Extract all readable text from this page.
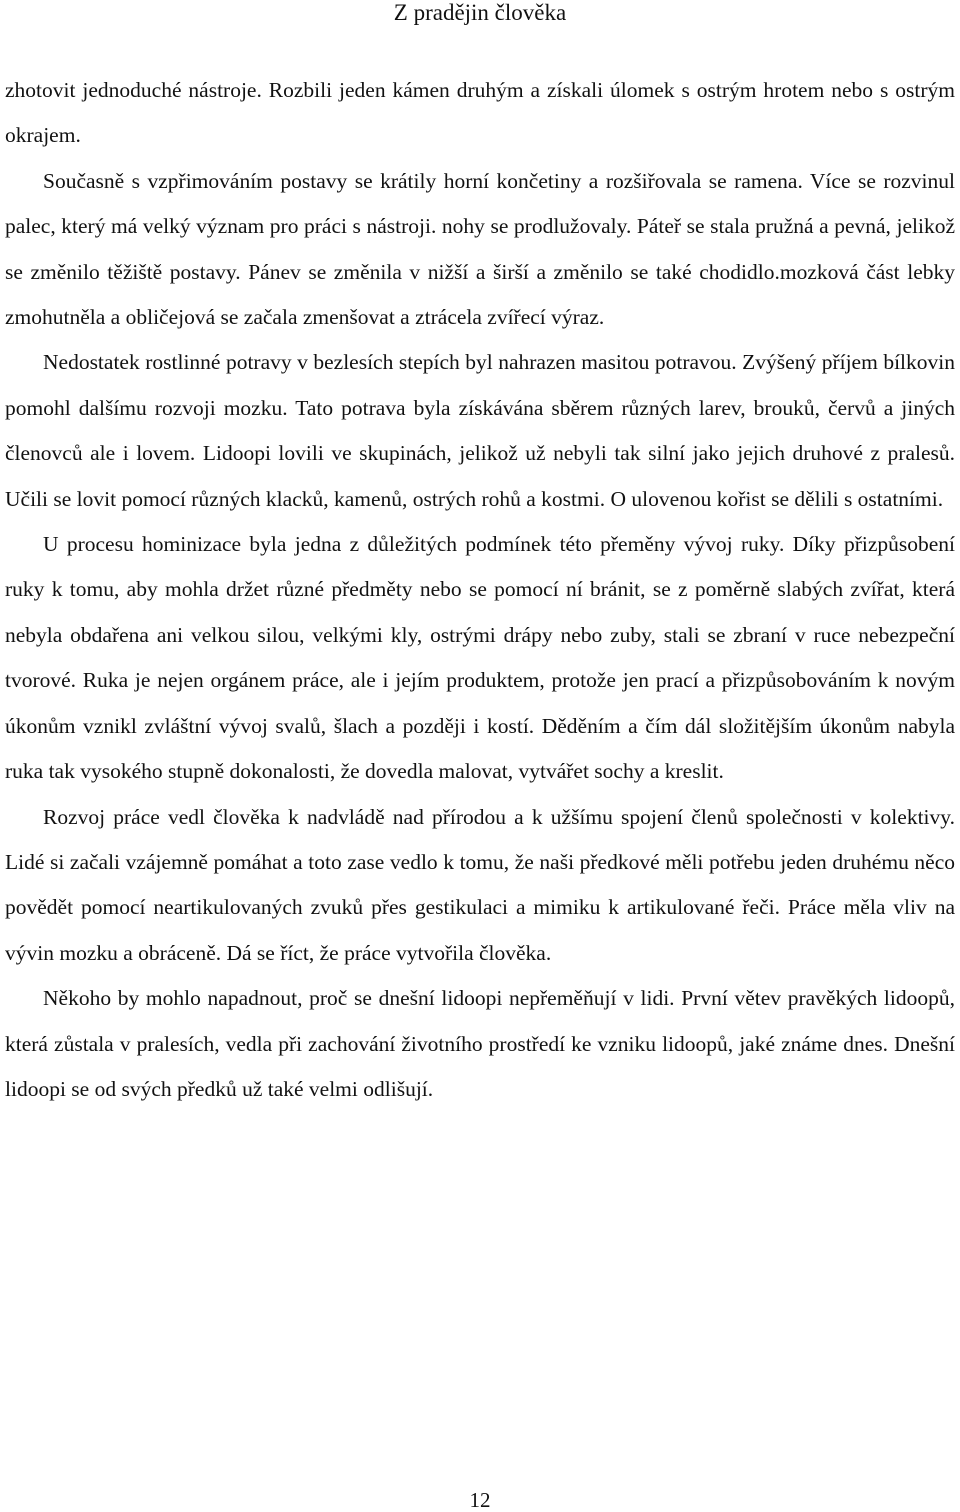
Z pradějin člověka

zhotovit jednoduché nástroje. Rozbili jeden kámen druhým a získali úlomek s ostrým hrotem nebo s ostrým okrajem.

Současně s vzpřimováním postavy se krátily horní končetiny a rozšiřovala se ramena. Více se rozvinul palec, který má velký význam pro práci s nástroji. nohy se prodlužovaly. Páteř se stala pružná a pevná, jelikož se změnilo těžiště postavy. Pánev se změnila v nižší a širší a změnilo se také chodidlo.mozková část lebky zmohutněla a obličejová se začala zmenšovat a ztrácela zvířecí výraz.

Nedostatek rostlinné potravy v bezlesích stepích byl nahrazen masitou potravou. Zvýšený příjem bílkovin pomohl dalšímu rozvoji mozku. Tato potrava byla získávána sběrem různých larev, brouků, červů a jiných členovců ale i lovem. Lidoopi lovili ve skupinách, jelikož už nebyli tak silní jako jejich druhové z pralesů. Učili se lovit pomocí různých klacků, kamenů, ostrých rohů a kostmi. O ulovenou kořist se dělili s ostatními.

U procesu hominizace byla jedna z důležitých podmínek této přeměny vývoj ruky. Díky přizpůsobení ruky k tomu, aby mohla držet různé předměty nebo se pomocí ní bránit, se z poměrně slabých zvířat, která nebyla obdařena ani velkou silou, velkými kly, ostrými drápy nebo zuby, stali se zbraní v ruce nebezpeční tvorové. Ruka je nejen orgánem práce, ale i jejím produktem, protože jen prací a přizpůsobováním k novým úkonům vznikl zvláštní vývoj svalů, šlach a později i kostí. Děděním a čím dál složitějším úkonům nabyla ruka tak vysokého stupně dokonalosti, že dovedla malovat, vytvářet sochy a kreslit.

Rozvoj práce vedl člověka k nadvládě nad přírodou a k užšímu spojení členů společnosti v kolektivy. Lidé si začali vzájemně pomáhat a toto zase vedlo k tomu, že naši předkové měli potřebu jeden druhému něco povědět pomocí neartikulovaných zvuků přes gestikulaci a mimiku k artikulované řeči. Práce měla vliv na vývin mozku a obráceně. Dá se říct, že práce vytvořila člověka.

Někoho by mohlo napadnout, proč se dnešní lidoopi nepřeměňují v lidi. První větev pravěkých lidoopů, která zůstala v pralesích, vedla při zachování životního prostředí ke vzniku lidoopů, jaké známe dnes. Dnešní lidoopi se od svých předků už také velmi odlišují.

12
